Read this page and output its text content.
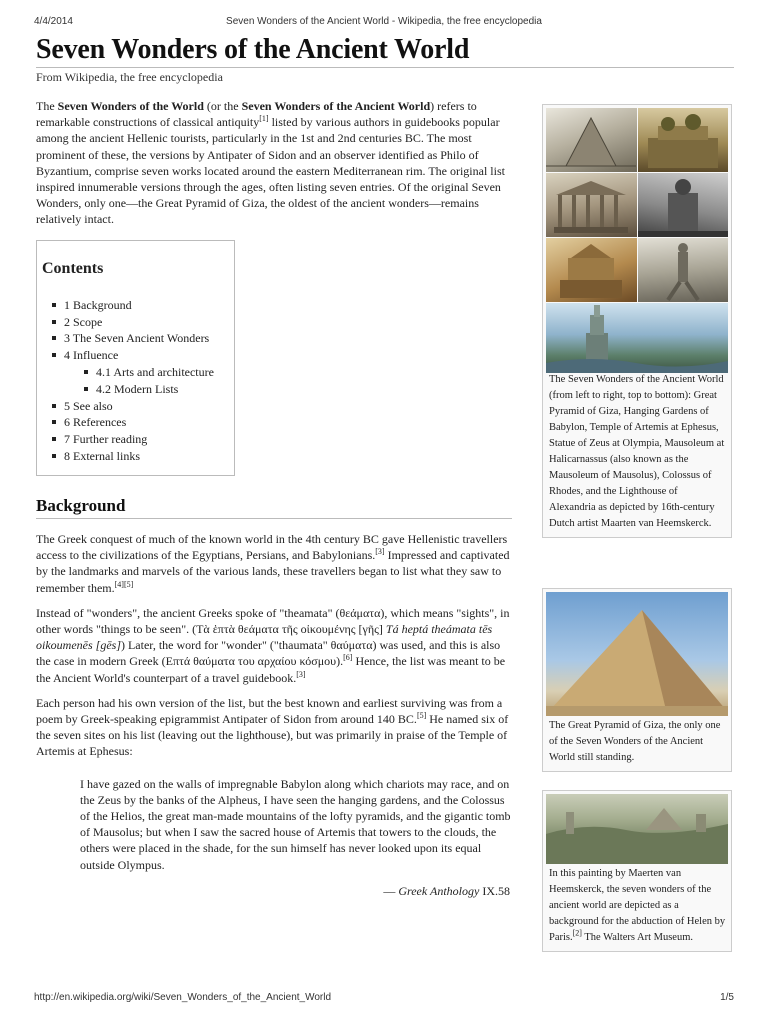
4/4/2014	Seven Wonders of the Ancient World - Wikipedia, the free encyclopedia
Seven Wonders of the Ancient World
From Wikipedia, the free encyclopedia

The Seven Wonders of the World (or the Seven Wonders of the Ancient World) refers to remarkable constructions of classical antiquity[1] listed by various authors in guidebooks popular among the ancient Hellenic tourists, particularly in the 1st and 2nd centuries BC. The most prominent of these, the versions by Antipater of Sidon and an observer identified as Philo of Byzantium, comprise seven works located around the eastern Mediterranean rim. The original list inspired innumerable versions through the ages, often listing seven entries. Of the original Seven Wonders, only one—the Great Pyramid of Giza, the oldest of the ancient wonders—remains relatively intact.

Contents
1 Background
2 Scope
3 The Seven Ancient Wonders
4 Influence
4.1 Arts and architecture
4.2 Modern Lists
5 See also
6 References
7 Further reading
8 External links
Background

The Greek conquest of much of the known world in the 4th century BC gave Hellenistic travellers access to the civilizations of the Egyptians, Persians, and Babylonians.[3] Impressed and captivated by the landmarks and marvels of the various lands, these travellers began to list what they saw to remember them.[4][5]

Instead of "wonders", the ancient Greeks spoke of "theamata" (θεάματα), which means "sights", in other words "things to be seen". (Τὰ ἑπτὰ θεάματα τῆς οἰκουμένης [γῆς] Tá heptá theámata tēs oikoumenēs [gēs]) Later, the word for "wonder" ("thaumata" θαύματα) was used, and this is also the case in modern Greek (Επτά θαύματα του αρχαίου κόσμου).[6] Hence, the list was meant to be the Ancient World's counterpart of a travel guidebook.[3]

Each person had his own version of the list, but the best known and earliest surviving was from a poem by Greek-speaking epigrammist Antipater of Sidon from around 140 BC.[5] He named six of the seven sites on his list (leaving out the lighthouse), but was primarily in praise of the Temple of Artemis at Ephesus:

I have gazed on the walls of impregnable Babylon along which chariots may race, and on the Zeus by the banks of the Alpheus, I have seen the hanging gardens, and the Colossus of the Helios, the great man-made mountains of the lofty pyramids, and the gigantic tomb of Mausolus; but when I saw the sacred house of Artemis that towers to the clouds, the others were placed in the shade, for the sun himself has never looked upon its equal outside Olympus.
— Greek Anthology IX.58
The Seven Wonders of the Ancient World (from left to right, top to bottom): Great Pyramid of Giza, Hanging Gardens of Babylon, Temple of Artemis at Ephesus, Statue of Zeus at Olympia, Mausoleum at Halicarnassus (also known as the Mausoleum of Mausolus), Colossus of Rhodes, and the Lighthouse of Alexandria as depicted by 16th-century Dutch artist Maarten van Heemskerck.
The Great Pyramid of Giza, the only one of the Seven Wonders of the Ancient World still standing.
In this painting by Maerten van Heemskerck, the seven wonders of the ancient world are depicted as a background for the abduction of Helen by Paris.[2] The Walters Art Museum.
http://en.wikipedia.org/wiki/Seven_Wonders_of_the_Ancient_World	1/5
